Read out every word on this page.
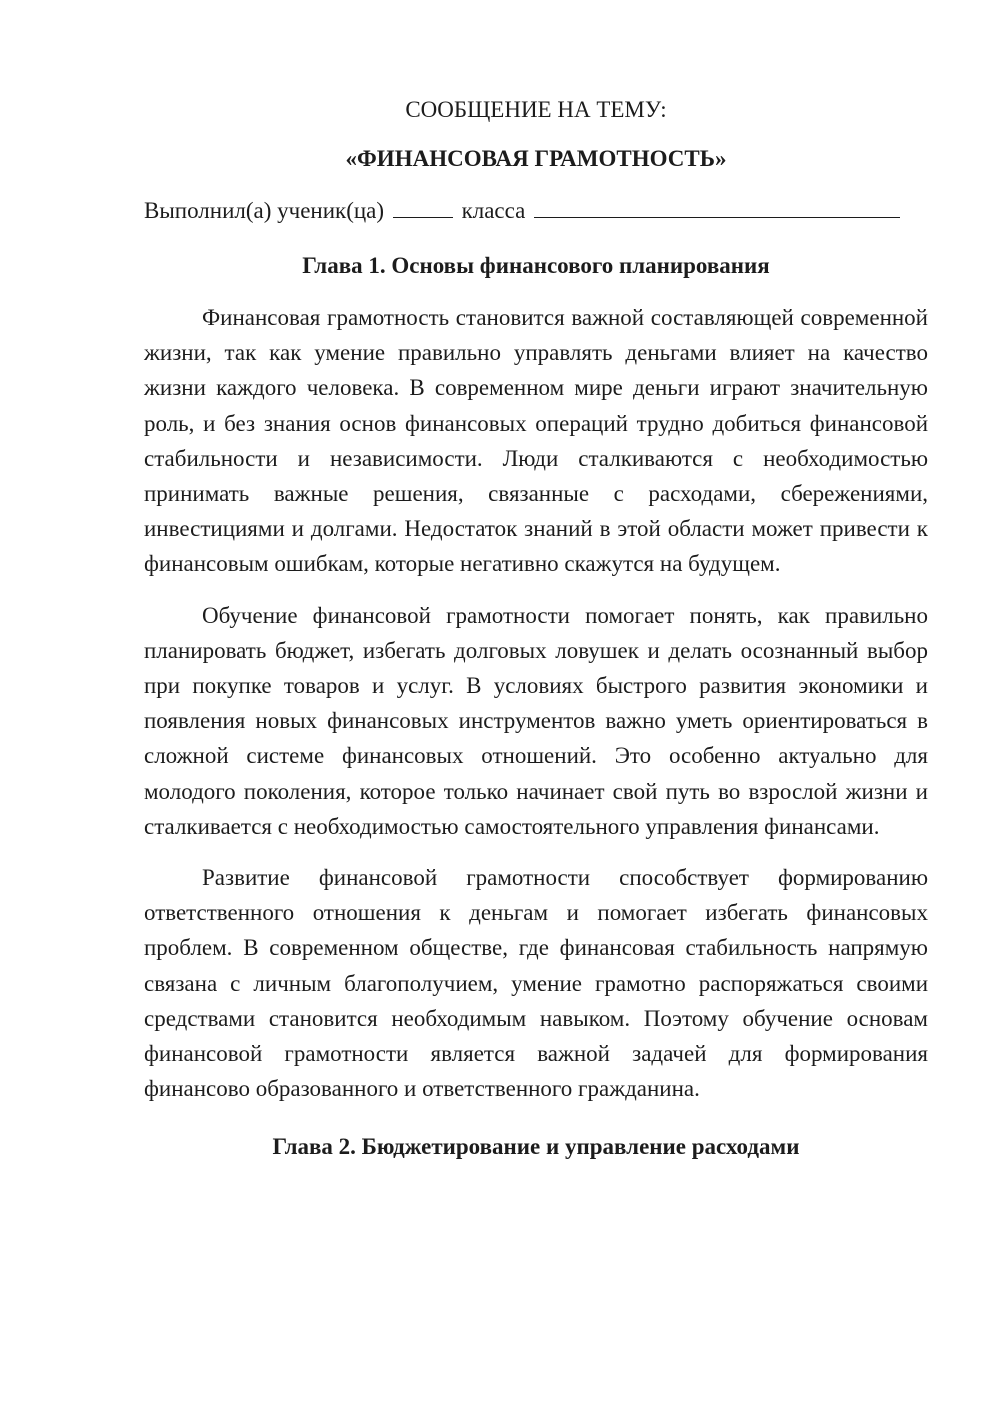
СООБЩЕНИЕ НА ТЕМУ:

«ФИНАНСОВАЯ ГРАМОТНОСТЬ»

Выполнил(а) ученик(ца)	класса
Глава 1. Основы финансового планирования

Финансовая грамотность становится важной составляющей современной жизни, так как умение правильно управлять деньгами влияет на качество жизни каждого человека. В современном мире деньги играют значительную роль, и без знания основ финансовых операций трудно добиться финансовой стабильности и независимости. Люди сталкиваются с необходимостью принимать важные решения, связанные с расходами, сбережениями, инвестициями и долгами. Недостаток знаний в этой области может привести к финансовым ошибкам, которые негативно скажутся на будущем.

Обучение финансовой грамотности помогает понять, как правильно планировать бюджет, избегать долговых ловушек и делать осознанный выбор при покупке товаров и услуг. В условиях быстрого развития экономики и появления новых финансовых инструментов важно уметь ориентироваться в сложной системе финансовых отношений. Это особенно актуально для молодого поколения, которое только начинает свой путь во взрослой жизни и сталкивается с необходимостью самостоятельного управления финансами.

Развитие финансовой грамотности способствует формированию ответственного отношения к деньгам и помогает избегать финансовых проблем. В современном обществе, где финансовая стабильность напрямую связана с личным благополучием, умение грамотно распоряжаться своими средствами становится необходимым навыком. Поэтому обучение основам финансовой грамотности является важной задачей для формирования финансово образованного и ответственного гражданина.

Глава 2. Бюджетирование и управление расходами
